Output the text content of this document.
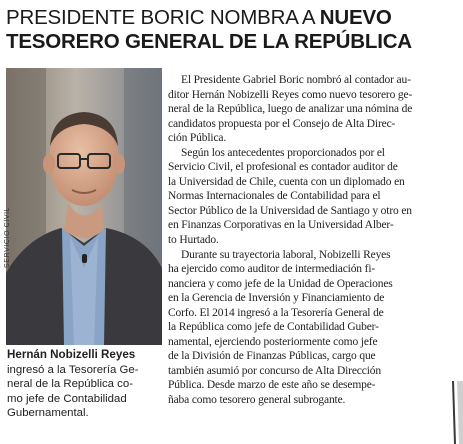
PRESIDENTE BORIC NOMBRA A NUEVO
TESORERO GENERAL DE LA REPÚBLICA
SERVICIO CIVIL
Hernán Nobizelli Reyes
ingresó a la Tesorería Ge-
neral de la República co-
mo jefe de Contabilidad
Gubernamental.
El Presidente Gabriel Boric nombró al contador au-
ditor Hernán Nobizelli Reyes como nuevo tesorero ge-
neral de la República, luego de analizar una nómina de
candidatos propuesta por el Consejo de Alta Direc-
ción Pública.
Según los antecedentes proporcionados por el
Servicio Civil, el profesional es contador auditor de
la Universidad de Chile, cuenta con un diplomado en
Normas Internacionales de Contabilidad para el
Sector Público de la Universidad de Santiago y otro en
en Finanzas Corporativas en la Universidad Alber-
to Hurtado.
Durante su trayectoria laboral, Nobizelli Reyes
ha ejercido como auditor de intermediación fi-
nanciera y como jefe de la Unidad de Operaciones
en la Gerencia de Inversión y Financiamiento de
Corfo. El 2014 ingresó a la Tesorería General de
la República como jefe de Contabilidad Guber-
namental, ejerciendo posteriormente como jefe
de la División de Finanzas Públicas, cargo que
también asumió por concurso de Alta Dirección
Pública. Desde marzo de este año se desempe-
ñaba como tesorero general subrogante.
